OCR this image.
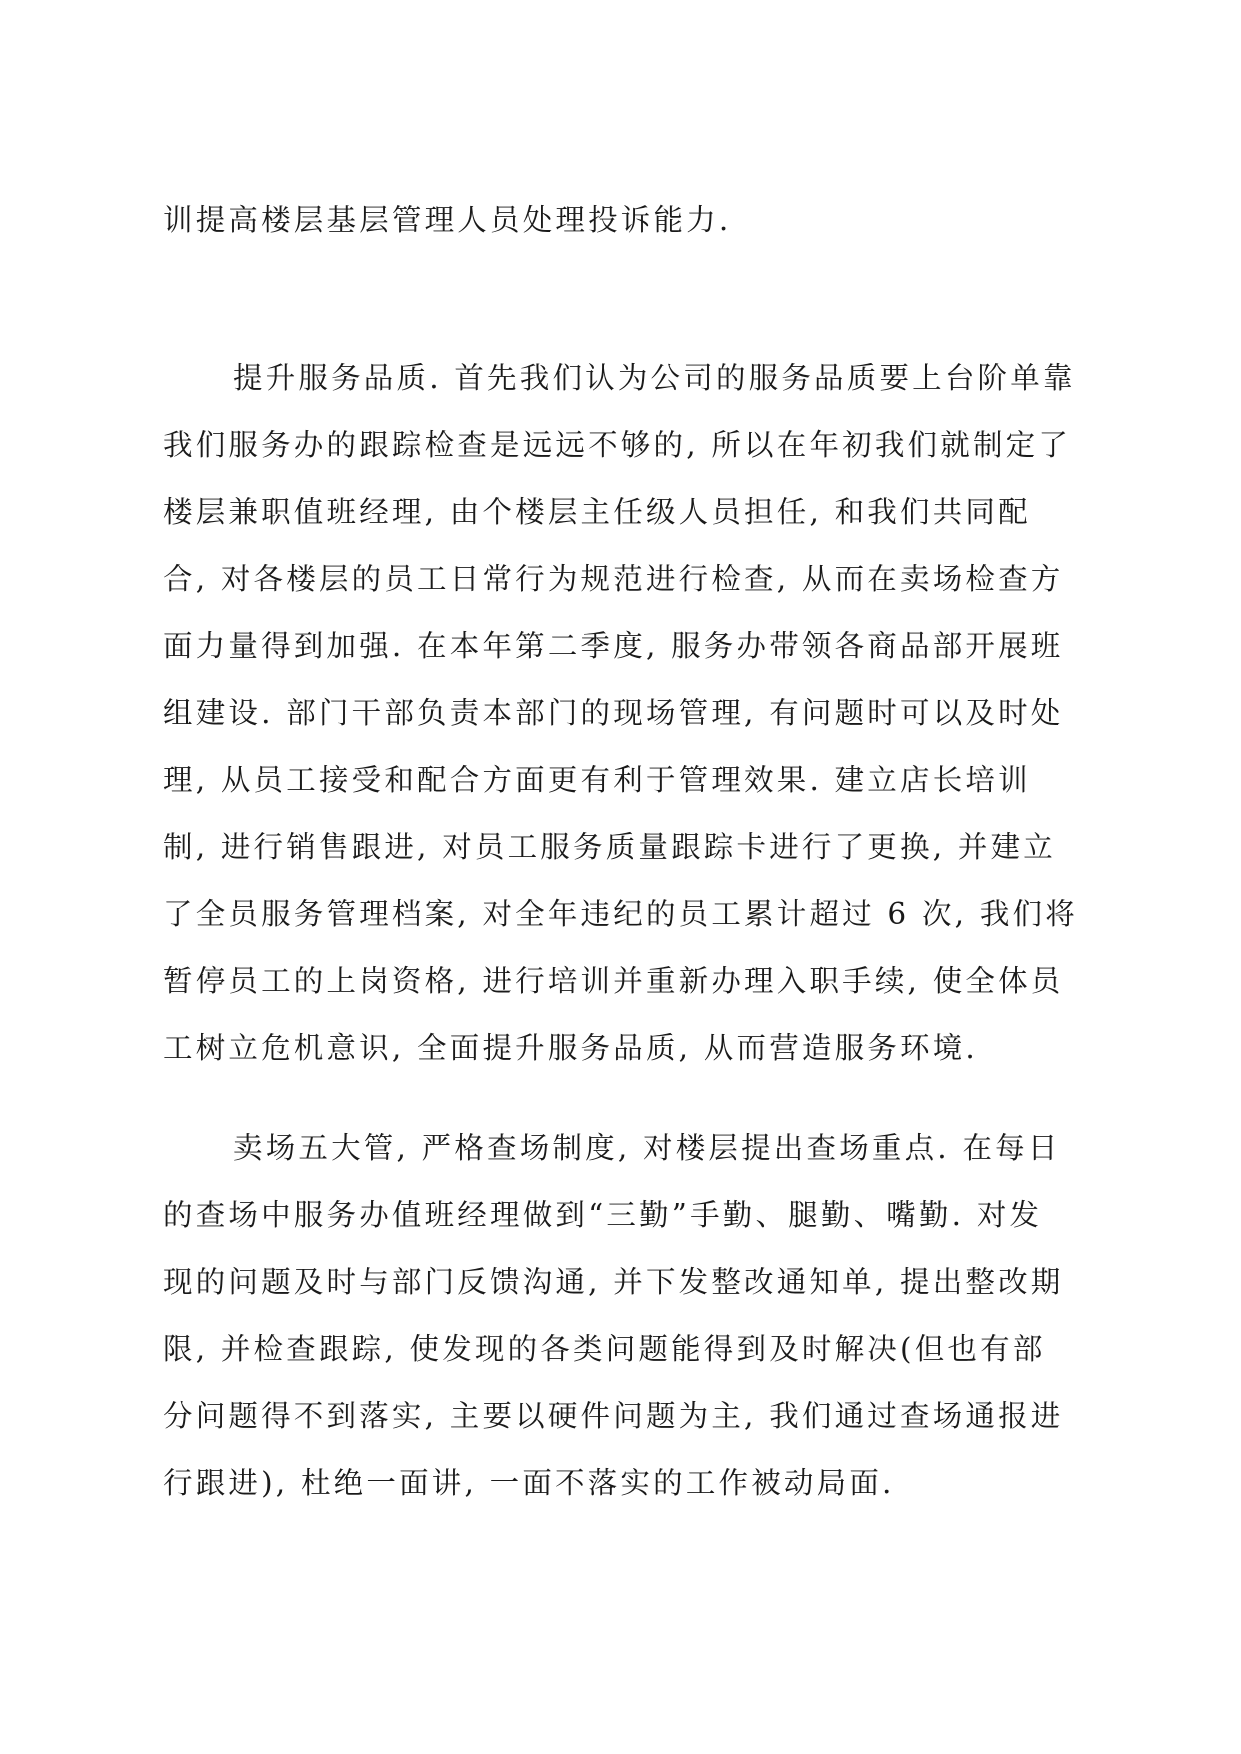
训提高楼层基层管理人员处理投诉能力.
提升服务品质. 首先我们认为公司的服务品质要上台阶单靠
我们服务办的跟踪检查是远远不够的, 所以在年初我们就制定了
楼层兼职值班经理, 由个楼层主任级人员担任, 和我们共同配
合, 对各楼层的员工日常行为规范进行检查, 从而在卖场检查方
面力量得到加强. 在本年第二季度, 服务办带领各商品部开展班
组建设. 部门干部负责本部门的现场管理, 有问题时可以及时处
理, 从员工接受和配合方面更有利于管理效果. 建立店长培训
制, 进行销售跟进, 对员工服务质量跟踪卡进行了更换, 并建立
了全员服务管理档案, 对全年违纪的员工累计超过 6 次, 我们将
暂停员工的上岗资格, 进行培训并重新办理入职手续, 使全体员
工树立危机意识, 全面提升服务品质, 从而营造服务环境.
卖场五大管, 严格查场制度, 对楼层提出查场重点. 在每日
的查场中服务办值班经理做到“三勤”手勤、腿勤、嘴勤. 对发
现的问题及时与部门反馈沟通, 并下发整改通知单, 提出整改期
限, 并检查跟踪, 使发现的各类问题能得到及时解决(但也有部
分问题得不到落实, 主要以硬件问题为主, 我们通过查场通报进
行跟进), 杜绝一面讲, 一面不落实的工作被动局面.
